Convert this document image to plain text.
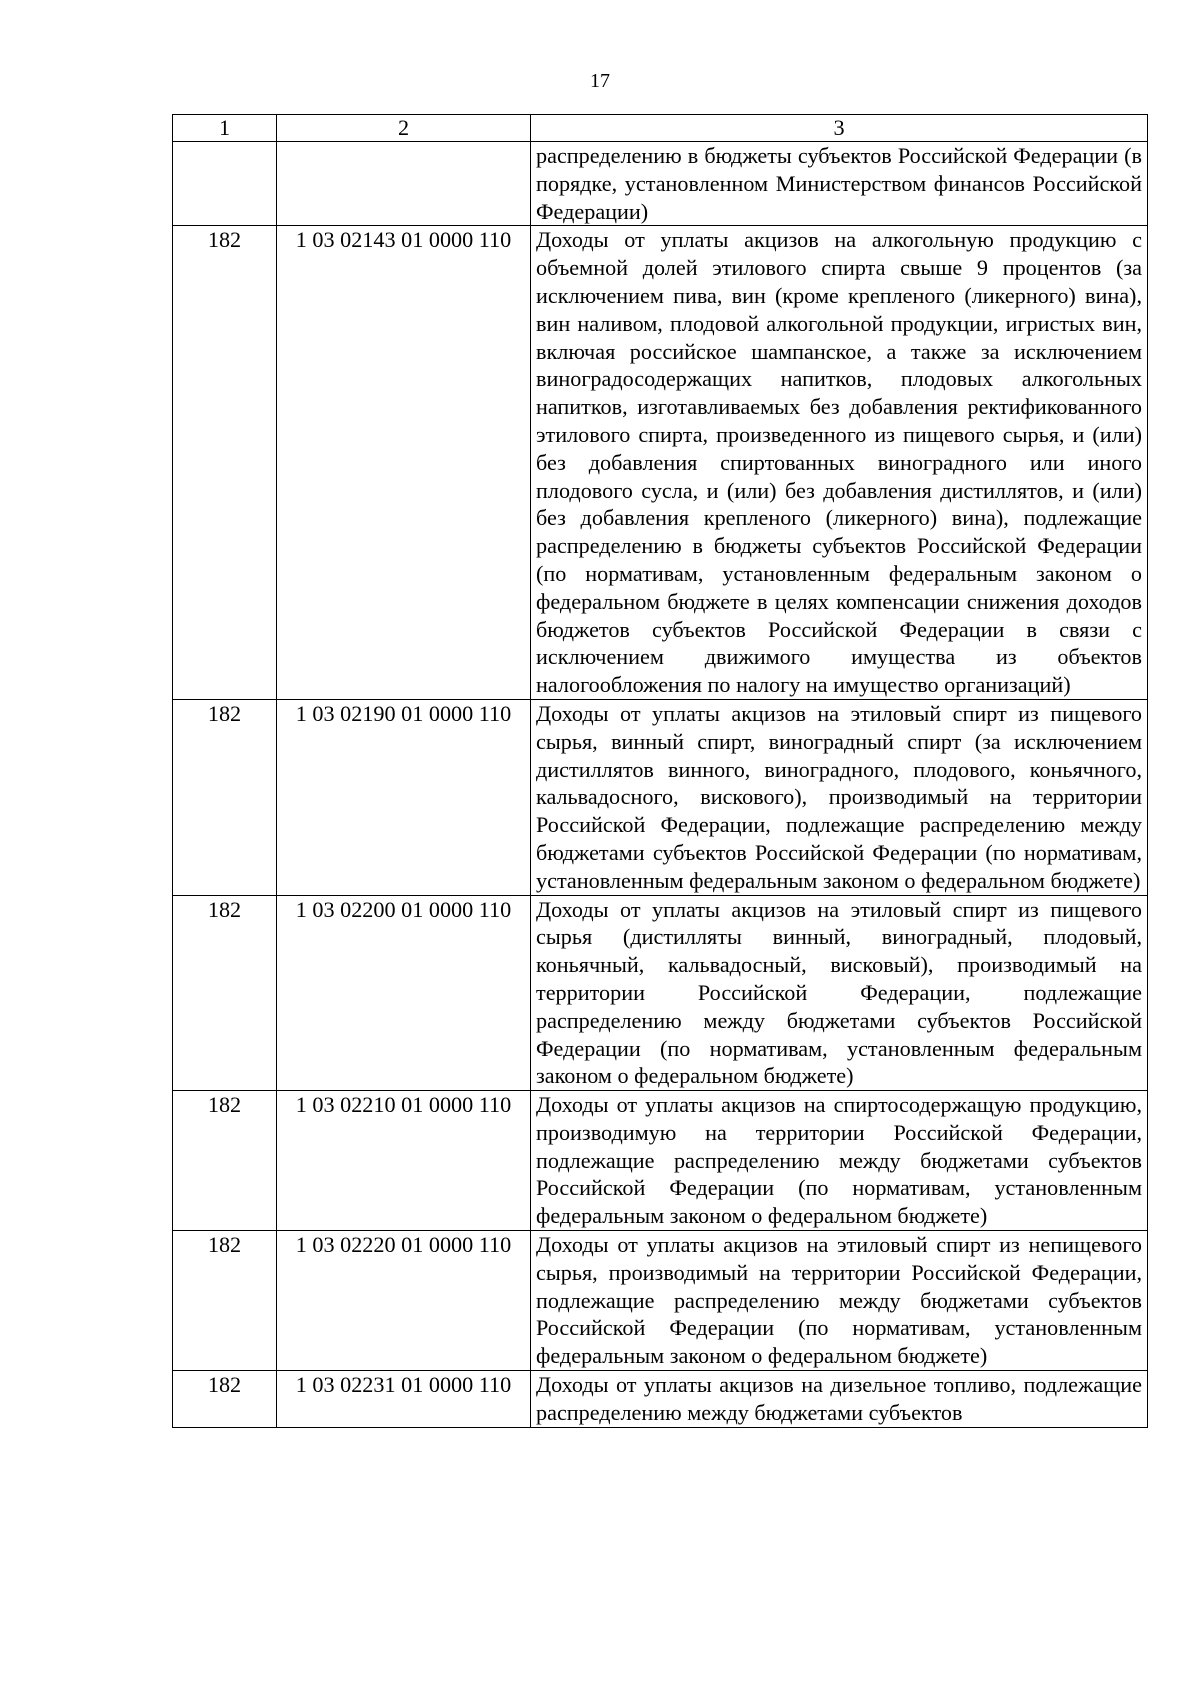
17
1	2	3
		распределению в бюджеты субъектов Российской Федерации (в порядке, установленном Министерством финансов Российской Федерации)
182	1 03 02143 01 0000 110	Доходы от уплаты акцизов на алкогольную продукцию с объемной долей этилового спирта свыше 9 процентов (за исключением пива, вин (кроме крепленого (ликерного) вина), вин наливом, плодовой алкогольной продукции, игристых вин, включая российское шампанское, а также за исключением виноградосодержащих напитков, плодовых алкогольных напитков, изготавливаемых без добавления ректификованного этилового спирта, произведенного из пищевого сырья, и (или) без добавления спиртованных виноградного или иного плодового сусла, и (или) без добавления дистиллятов, и (или) без добавления крепленого (ликерного) вина), подлежащие распределению в бюджеты субъектов Российской Федерации (по нормативам, установленным федеральным законом о федеральном бюджете в целях компенсации снижения доходов бюджетов субъектов Российской Федерации в связи с исключением движимого имущества из объектов налогообложения по налогу на имущество организаций)
182	1 03 02190 01 0000 110	Доходы от уплаты акцизов на этиловый спирт из пищевого сырья, винный спирт, виноградный спирт (за исключением дистиллятов винного, виноградного, плодового, коньячного, кальвадосного, вискового), производимый на территории Российской Федерации, подлежащие распределению между бюджетами субъектов Российской Федерации (по нормативам, установленным федеральным законом о федеральном бюджете)
182	1 03 02200 01 0000 110	Доходы от уплаты акцизов на этиловый спирт из пищевого сырья (дистилляты винный, виноградный, плодовый, коньячный, кальвадосный, висковый), производимый на территории Российской Федерации, подлежащие распределению между бюджетами субъектов Российской Федерации (по нормативам, установленным федеральным законом о федеральном бюджете)
182	1 03 02210 01 0000 110	Доходы от уплаты акцизов на спиртосодержащую продукцию, производимую на территории Российской Федерации, подлежащие распределению между бюджетами субъектов Российской Федерации (по нормативам, установленным федеральным законом о федеральном бюджете)
182	1 03 02220 01 0000 110	Доходы от уплаты акцизов на этиловый спирт из непищевого сырья, производимый на территории Российской Федерации, подлежащие распределению между бюджетами субъектов Российской Федерации (по нормативам, установленным федеральным законом о федеральном бюджете)
182	1 03 02231 01 0000 110	Доходы от уплаты акцизов на дизельное топливо, подлежащие распределению между бюджетами субъектов
